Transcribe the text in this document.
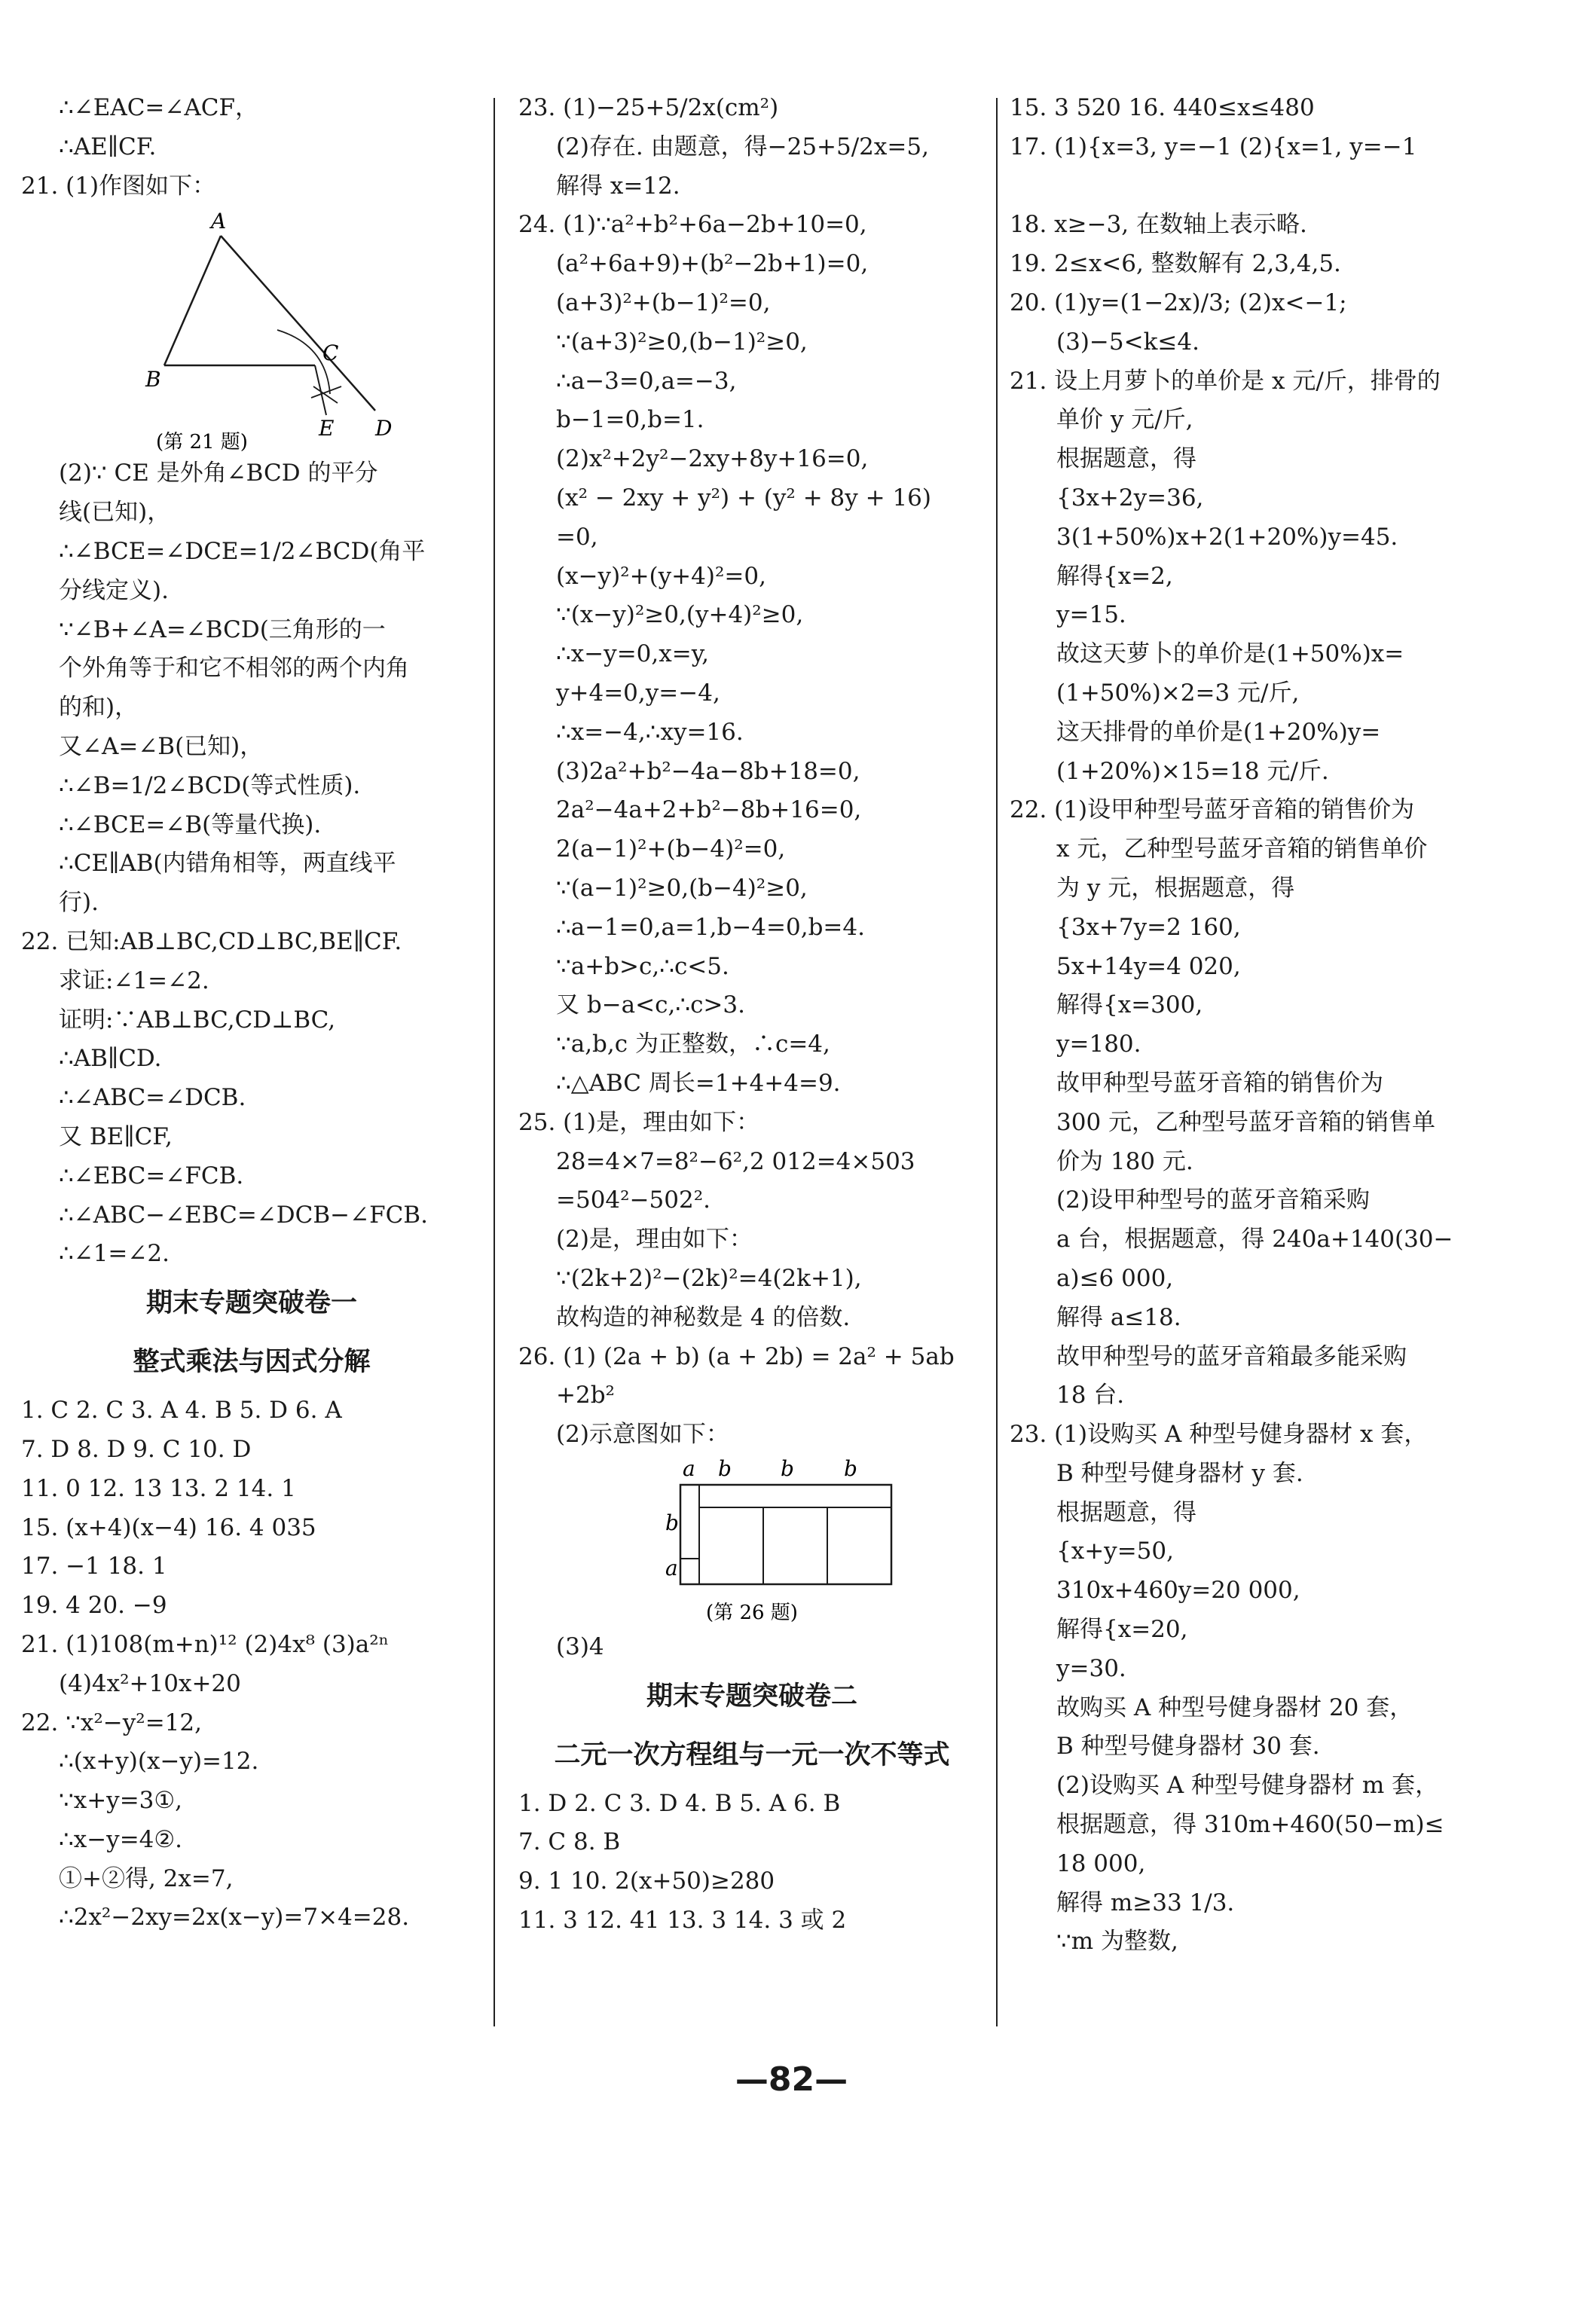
∴∠EAC=∠ACF，
∴AE∥CF.
21. (1)作图如下：
A
B
C
E D
(第 21 题)
(2)∵ CE 是外角∠BCD 的平分
线(已知)，
∴∠BCE=∠DCE=1/2∠BCD(角平
分线定义).
∵∠B+∠A=∠BCD(三角形的一
个外角等于和它不相邻的两个内角
的和)，
又∠A=∠B(已知)，
∴∠B=1/2∠BCD(等式性质).
∴∠BCE=∠B(等量代换).
∴CE∥AB(内错角相等，两直线平
行).
22. 已知:AB⊥BC,CD⊥BC,BE∥CF.
求证:∠1=∠2.
证明:∵AB⊥BC,CD⊥BC,
∴AB∥CD.
∴∠ABC=∠DCB.
又 BE∥CF,
∴∠EBC=∠FCB.
∴∠ABC−∠EBC=∠DCB−∠FCB.
∴∠1=∠2.
期末专题突破卷一
整式乘法与因式分解
1. C 2. C 3. A 4. B 5. D 6. A
7. D 8. D 9. C 10. D
11. 0 12. 13 13. 2 14. 1
15. (x+4)(x−4) 16. 4 035
17. −1 18. 1
19. 4 20. −9
21. (1)108(m+n)¹² (2)4x⁸ (3)a²ⁿ
(4)4x²+10x+20
22. ∵x²−y²=12,
∴(x+y)(x−y)=12.
∵x+y=3①,
∴x−y=4②.
①+②得, 2x=7,
∴2x²−2xy=2x(x−y)=7×4=28.
23. (1)−25+5/2x(cm²)
(2)存在. 由题意，得−25+5/2x=5,
解得 x=12.
24. (1)∵a²+b²+6a−2b+10=0,
(a²+6a+9)+(b²−2b+1)=0,
(a+3)²+(b−1)²=0,
∵(a+3)²≥0,(b−1)²≥0,
∴a−3=0,a=−3,
b−1=0,b=1.
(2)x²+2y²−2xy+8y+16=0,
(x² − 2xy + y²) + (y² + 8y + 16)
=0,
(x−y)²+(y+4)²=0,
∵(x−y)²≥0,(y+4)²≥0,
∴x−y=0,x=y,
y+4=0,y=−4,
∴x=−4,∴xy=16.
(3)2a²+b²−4a−8b+18=0,
2a²−4a+2+b²−8b+16=0,
2(a−1)²+(b−4)²=0,
∵(a−1)²≥0,(b−4)²≥0,
∴a−1=0,a=1,b−4=0,b=4.
∵a+b>c,∴c<5.
又 b−a<c,∴c>3.
∵a,b,c 为正整数，∴c=4,
∴△ABC 周长=1+4+4=9.
25. (1)是，理由如下：
28=4×7=8²−6²,2 012=4×503
=504²−502².
(2)是，理由如下：
∵(2k+2)²−(2k)²=4(2k+1),
故构造的神秘数是 4 的倍数.
26. (1) (2a + b) (a + 2b) = 2a² + 5ab
+2b²
(2)示意图如下：
a b b b
b
a
(第 26 题)
(3)4
期末专题突破卷二
二元一次方程组与一元一次不等式
1. D 2. C 3. D 4. B 5. A 6. B
7. C 8. B
9. 1 10. 2(x+50)≥280
11. 3 12. 41 13. 3 14. 3 或 2
15. 3 520 16. 440≤x≤480
17. (1){x=3, y=−1 (2){x=1, y=−1
18. x≥−3, 在数轴上表示略.
19. 2≤x<6, 整数解有 2,3,4,5.
20. (1)y=(1−2x)/3; (2)x<−1;
(3)−5<k≤4.
21. 设上月萝卜的单价是 x 元/斤，排骨的
单价 y 元/斤,
根据题意，得
{3x+2y=36,
3(1+50%)x+2(1+20%)y=45.
解得{x=2,
y=15.
故这天萝卜的单价是(1+50%)x=
(1+50%)×2=3 元/斤,
这天排骨的单价是(1+20%)y=
(1+20%)×15=18 元/斤.
22. (1)设甲种型号蓝牙音箱的销售价为
x 元，乙种型号蓝牙音箱的销售单价
为 y 元，根据题意，得
{3x+7y=2 160,
5x+14y=4 020,
解得{x=300,
y=180.
故甲种型号蓝牙音箱的销售价为
300 元，乙种型号蓝牙音箱的销售单
价为 180 元.
(2)设甲种型号的蓝牙音箱采购
a 台，根据题意，得 240a+140(30−
a)≤6 000,
解得 a≤18.
故甲种型号的蓝牙音箱最多能采购
18 台.
23. (1)设购买 A 种型号健身器材 x 套，
B 种型号健身器材 y 套.
根据题意，得
{x+y=50,
310x+460y=20 000,
解得{x=20,
y=30.
故购买 A 种型号健身器材 20 套，
B 种型号健身器材 30 套.
(2)设购买 A 种型号健身器材 m 套，
根据题意，得 310m+460(50−m)≤
18 000,
解得 m≥33 1/3.
∵m 为整数,
—82—
